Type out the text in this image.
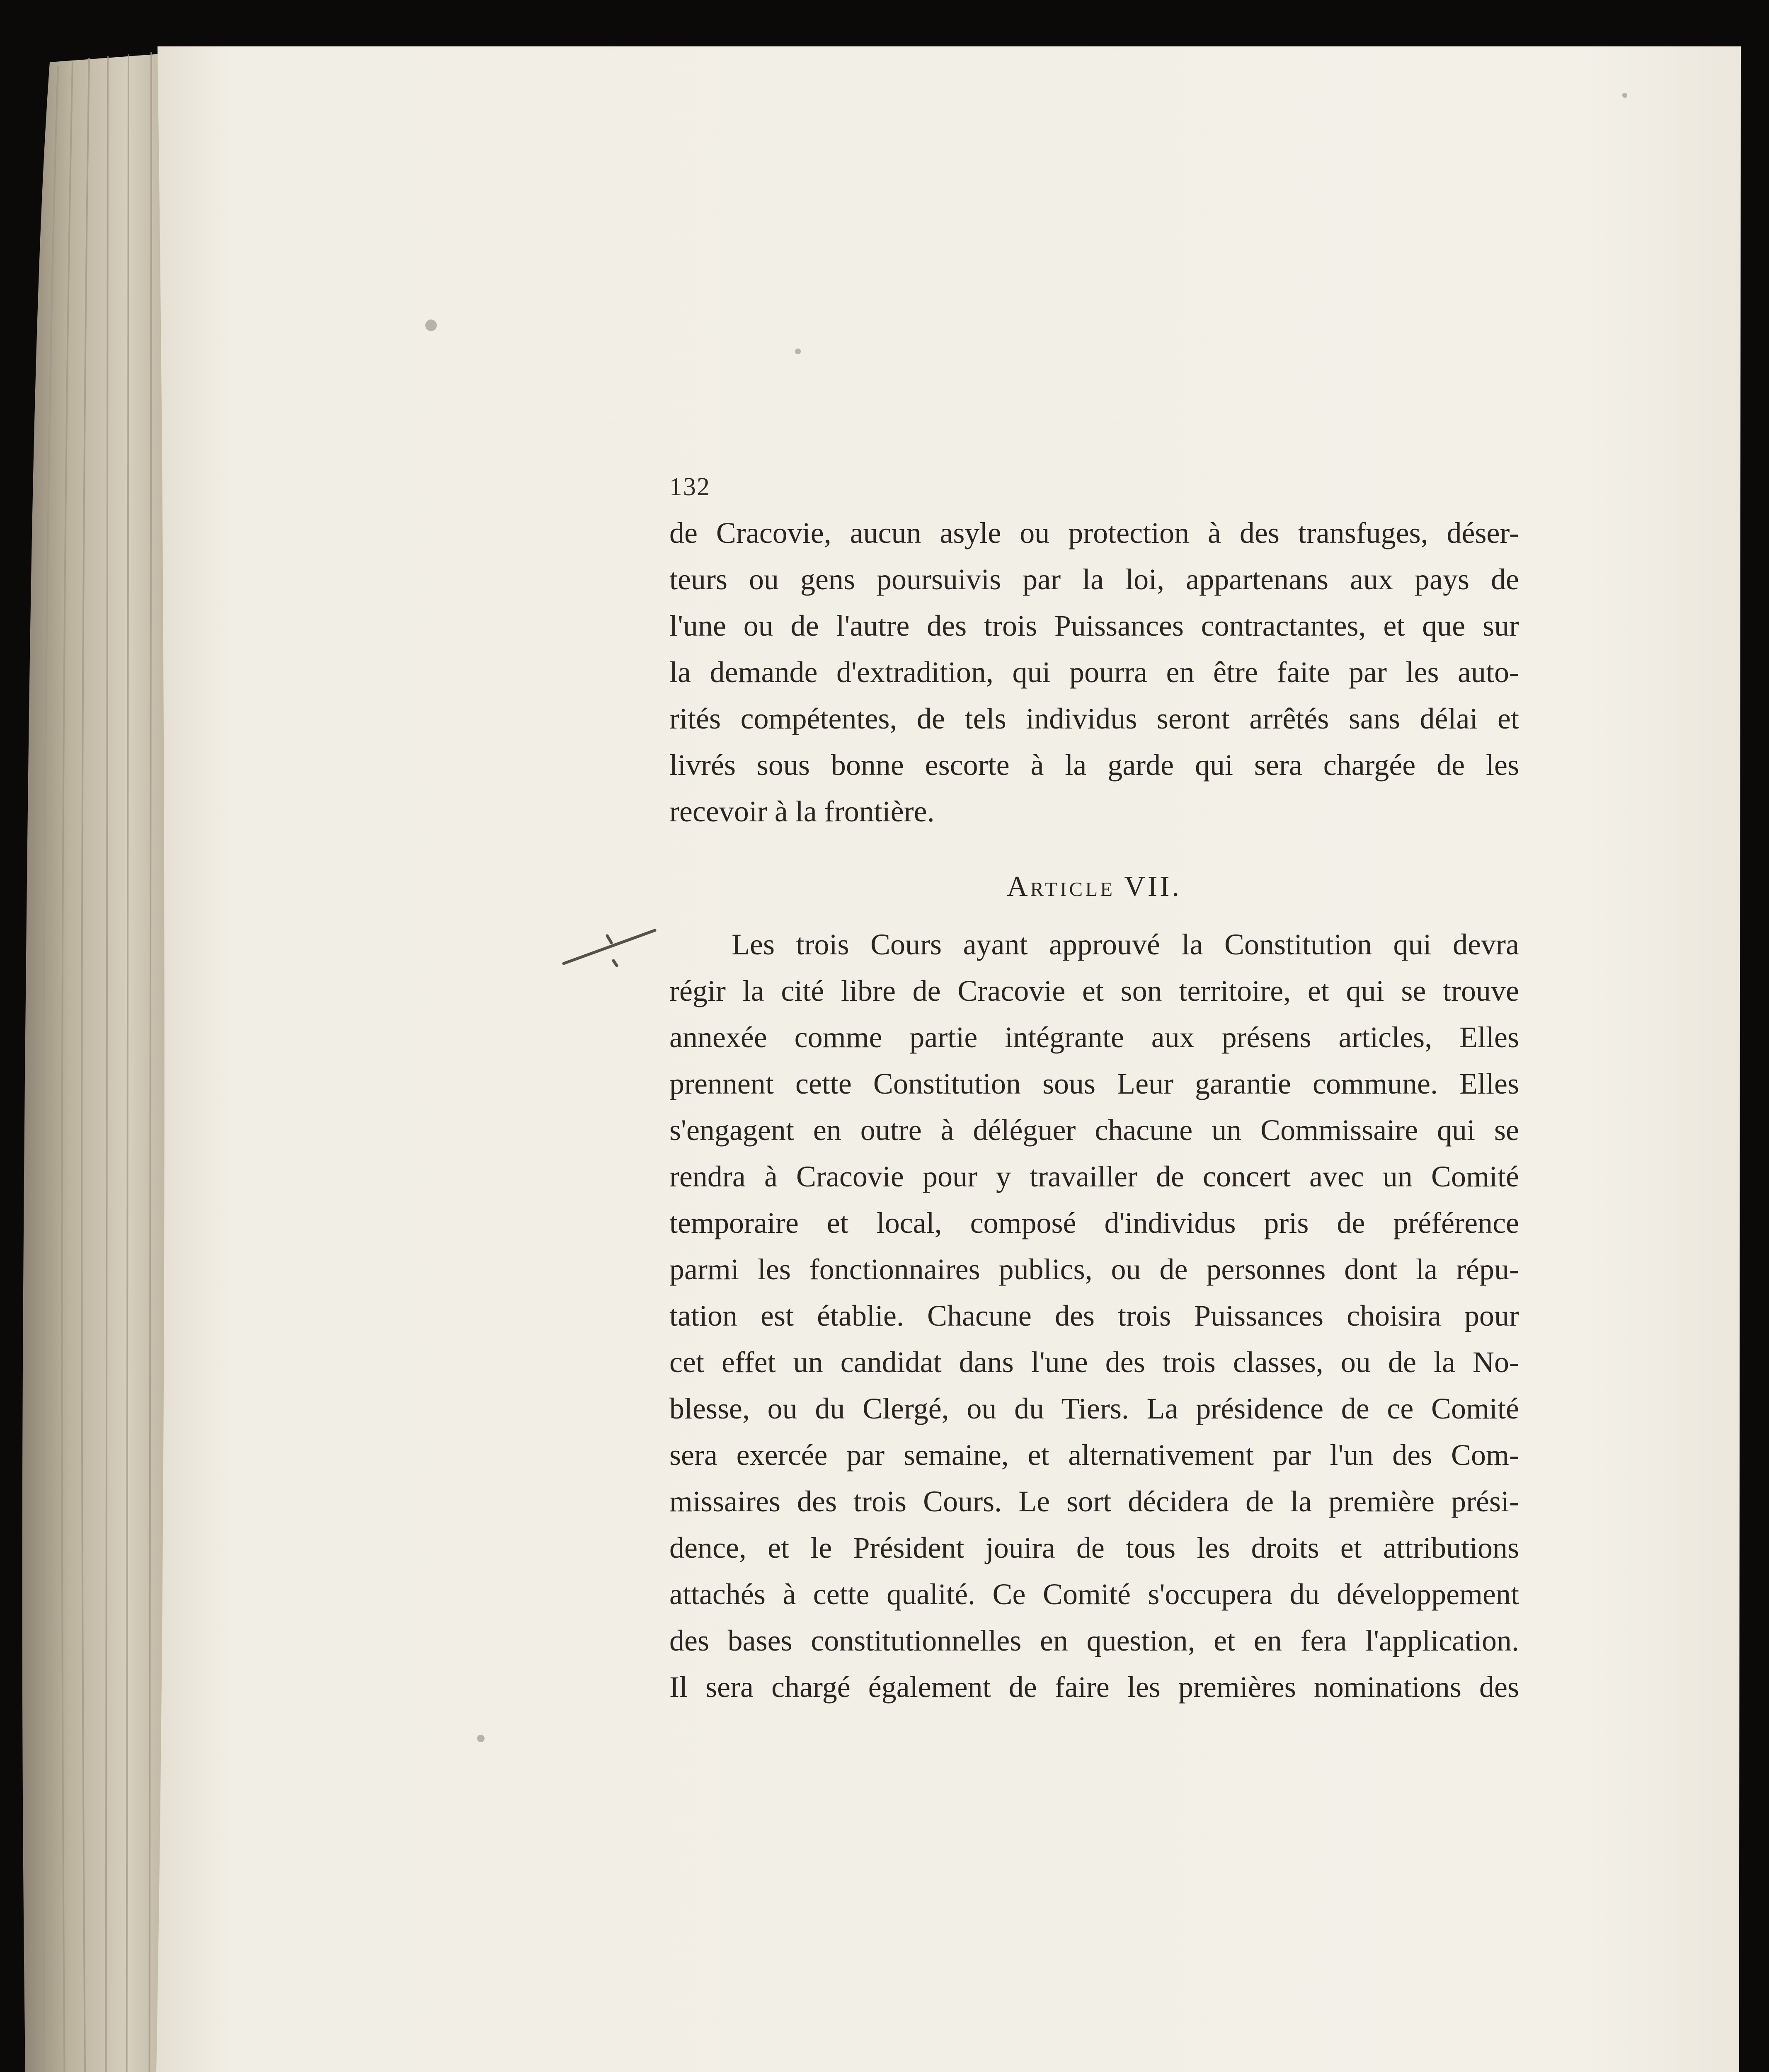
132
de Cracovie, aucun asyle ou protection à des transfuges, déser-
teurs ou gens poursuivis par la loi, appartenans aux pays de
l'une ou de l'autre des trois Puissances contractantes, et que sur
la demande d'extradition, qui pourra en être faite par les auto-
rités compétentes, de tels individus seront arrêtés sans délai et
livrés sous bonne escorte à la garde qui sera chargée de les
recevoir à la frontière.
Article VII.
Les trois Cours ayant approuvé la Constitution qui devra
régir la cité libre de Cracovie et son territoire, et qui se trouve
annexée comme partie intégrante aux présens articles, Elles
prennent cette Constitution sous Leur garantie commune. Elles
s'engagent en outre à déléguer chacune un Commissaire qui se
rendra à Cracovie pour y travailler de concert avec un Comité
temporaire et local, composé d'individus pris de préférence
parmi les fonctionnaires publics, ou de personnes dont la répu-
tation est établie. Chacune des trois Puissances choisira pour
cet effet un candidat dans l'une des trois classes, ou de la No-
blesse, ou du Clergé, ou du Tiers. La présidence de ce Comité
sera exercée par semaine, et alternativement par l'un des Com-
missaires des trois Cours. Le sort décidera de la première prési-
dence, et le Président jouira de tous les droits et attributions
attachés à cette qualité. Ce Comité s'occupera du développement
des bases constitutionnelles en question, et en fera l'application.
Il sera chargé également de faire les premières nominations des
